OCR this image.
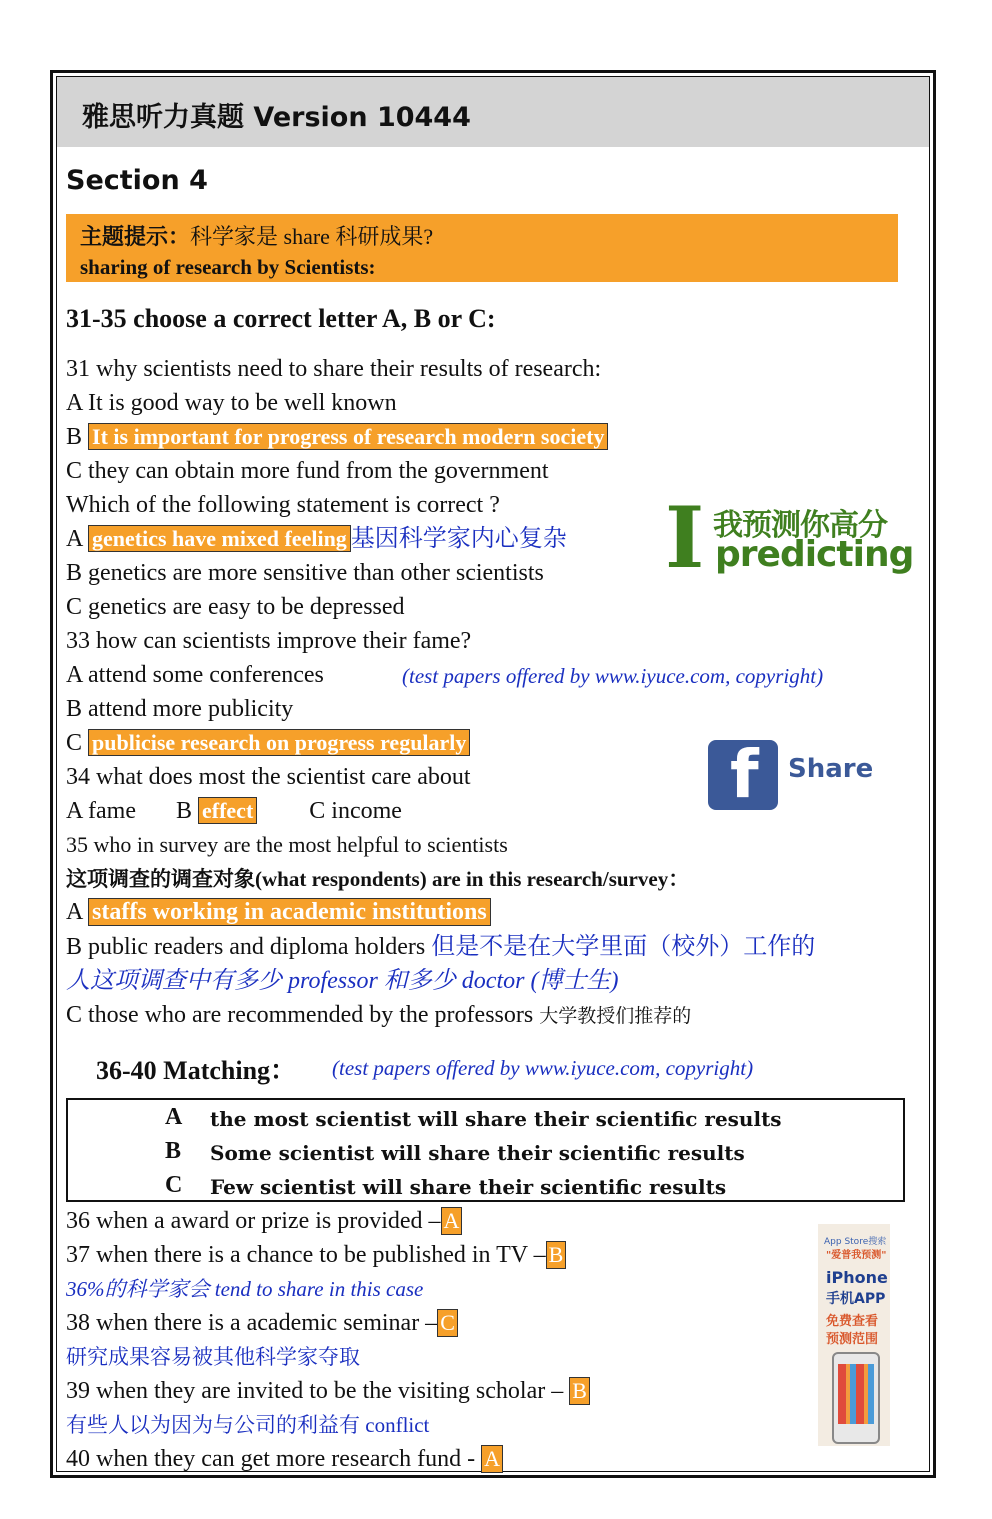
雅思听力真题 Version 10444
Section 4
主题提示：科学家是 share 科研成果?
sharing of research by Scientists:
31-35 choose a correct letter A, B or C:
31 why scientists need to share their results of research:
A It is good way to be well known
B It is important for progress of research modern society
C they can obtain more fund from the government
Which of the following statement is correct ?
A genetics have mixed feeling 基因科学家内心复杂
B genetics are more sensitive than other scientists
C genetics are easy to be depressed
33 how can scientists improve their fame?
A attend some conferences	(test papers offered by www.iyuce.com, copyright)
B attend more publicity
C publicise research on progress regularly
34 what does most the scientist care about
A fame B effect C income
35 who in survey are the most helpful to scientists
这项调查的调查对象(what respondents) are in this research/survey：
A staffs working in academic institutions
B public readers and diploma holders 但是不是在大学里面（校外）工作的
人这项调查中有多少 professor 和多少 doctor (博士生)
C those who are recommended by the professors 大学教授们推荐的
36-40 Matching： (test papers offered by www.iyuce.com, copyright)
A the most scientist will share their scientific results
B Some scientist will share their scientific results
C Few scientist will share their scientific results
36 when a award or prize is provided – A
37 when there is a chance to be published in TV – B
36%的科学家会 tend to share in this case
38 when there is a academic seminar – C
研究成果容易被其他科学家夺取
39 when they are invited to be the visiting scholar – B
有些人以为因为与公司的利益有 conflict
40 when they can get more research fund - A
I 我预测你高分
predicting
f Share
App Store搜索
"爱普我预测"
iPhone
手机APP
免费查看
预测范围
